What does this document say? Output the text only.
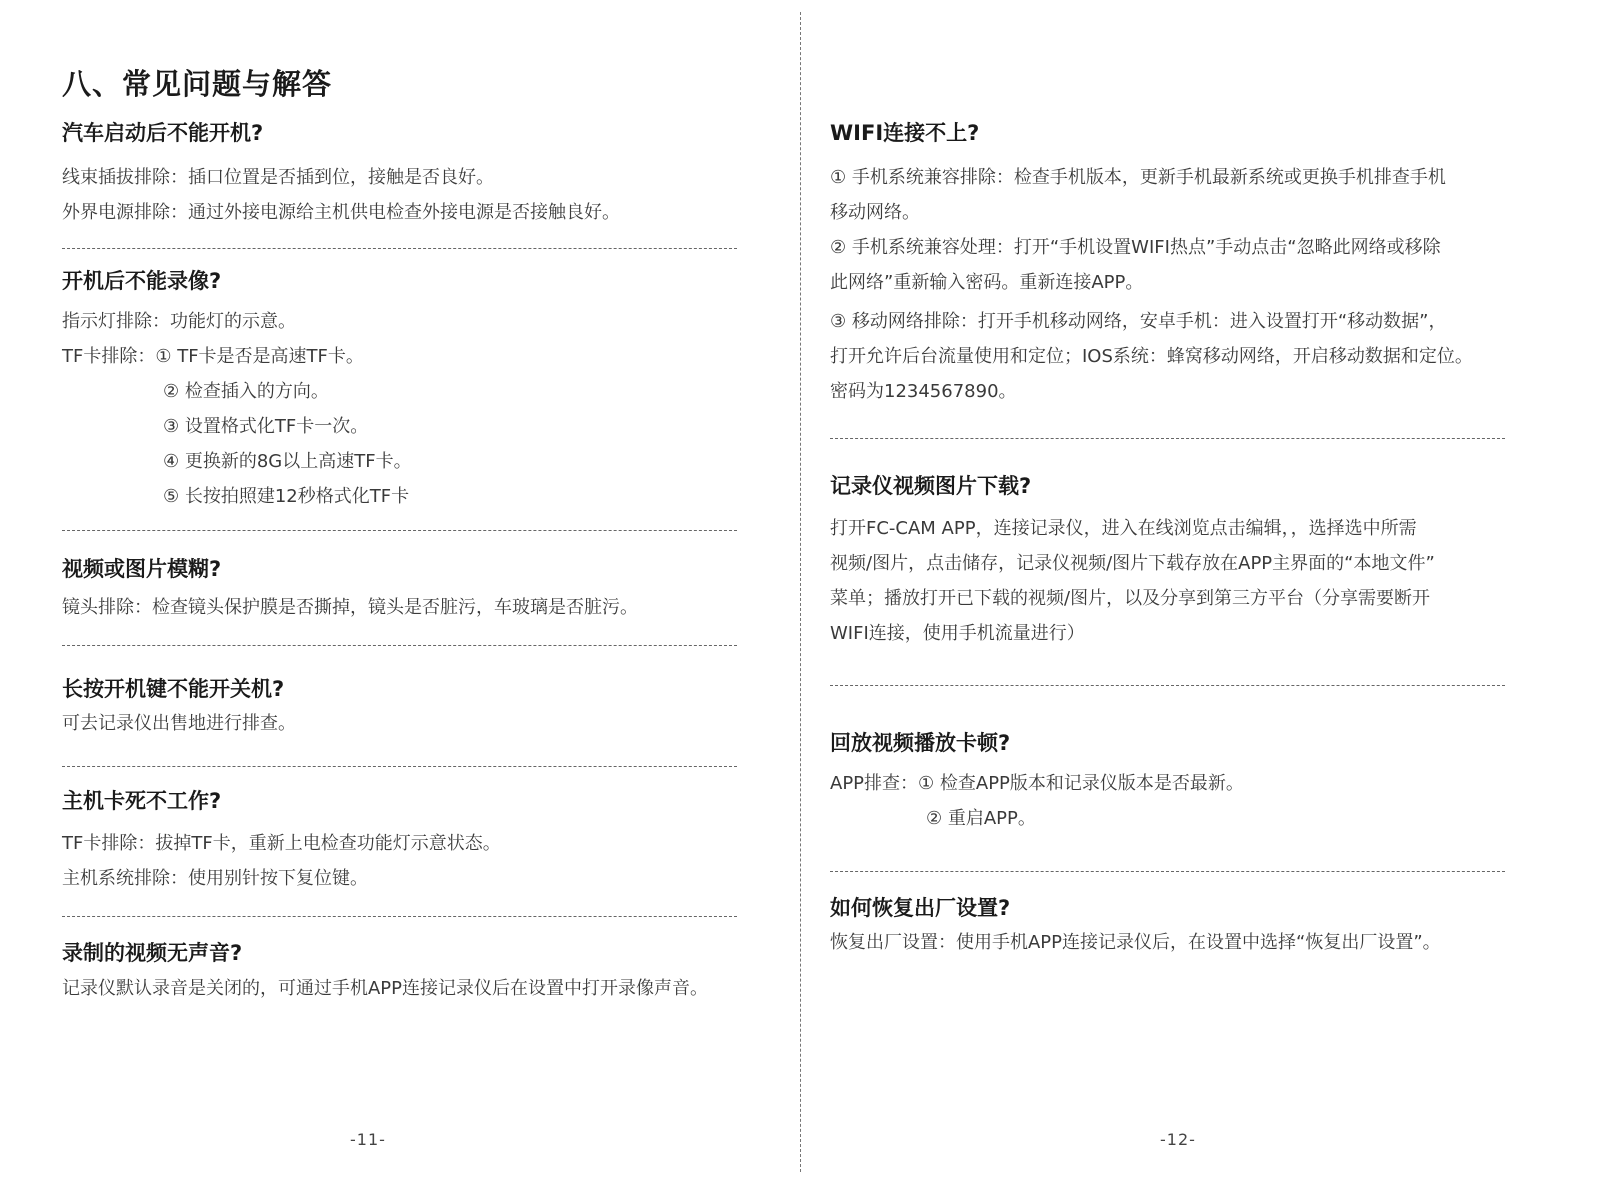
八、常见问题与解答
汽车启动后不能开机?

线束插拔排除：插口位置是否插到位，接触是否良好。

外界电源排除：通过外接电源给主机供电检查外接电源是否接触良好。

开机后不能录像?

指示灯排除：功能灯的示意。

TF卡排除：① TF卡是否是高速TF卡。

② 检查插入的方向。

③ 设置格式化TF卡一次。

④ 更换新的8G以上高速TF卡。

⑤ 长按拍照建12秒格式化TF卡

视频或图片模糊?

镜头排除：检查镜头保护膜是否撕掉，镜头是否脏污，车玻璃是否脏污。

长按开机键不能开关机?

可去记录仪出售地进行排查。

主机卡死不工作?

TF卡排除：拔掉TF卡，重新上电检查功能灯示意状态。

主机系统排除：使用别针按下复位键。

录制的视频无声音?

记录仪默认录音是关闭的，可通过手机APP连接记录仪后在设置中打开录像声音。

-11-
WIFI连接不上?

① 手机系统兼容排除：检查手机版本，更新手机最新系统或更换手机排查手机

移动网络。

② 手机系统兼容处理：打开“手机设置WIFI热点”手动点击“忽略此网络或移除

此网络”重新输入密码。重新连接APP。

③ 移动网络排除：打开手机移动网络，安卓手机：进入设置打开“移动数据”，

打开允许后台流量使用和定位；IOS系统：蜂窝移动网络，开启移动数据和定位。

密码为1234567890。

记录仪视频图片下载?

打开FC-CAM APP，连接记录仪，进入在线浏览点击编辑，，选择选中所需

视频/图片，点击储存，记录仪视频/图片下载存放在APP主界面的“本地文件”

菜单；播放打开已下载的视频/图片，以及分享到第三方平台（分享需要断开

WIFI连接，使用手机流量进行）

回放视频播放卡顿?

APP排查：① 检查APP版本和记录仪版本是否最新。

② 重启APP。

如何恢复出厂设置?

恢复出厂设置：使用手机APP连接记录仪后，在设置中选择“恢复出厂设置”。

-12-
